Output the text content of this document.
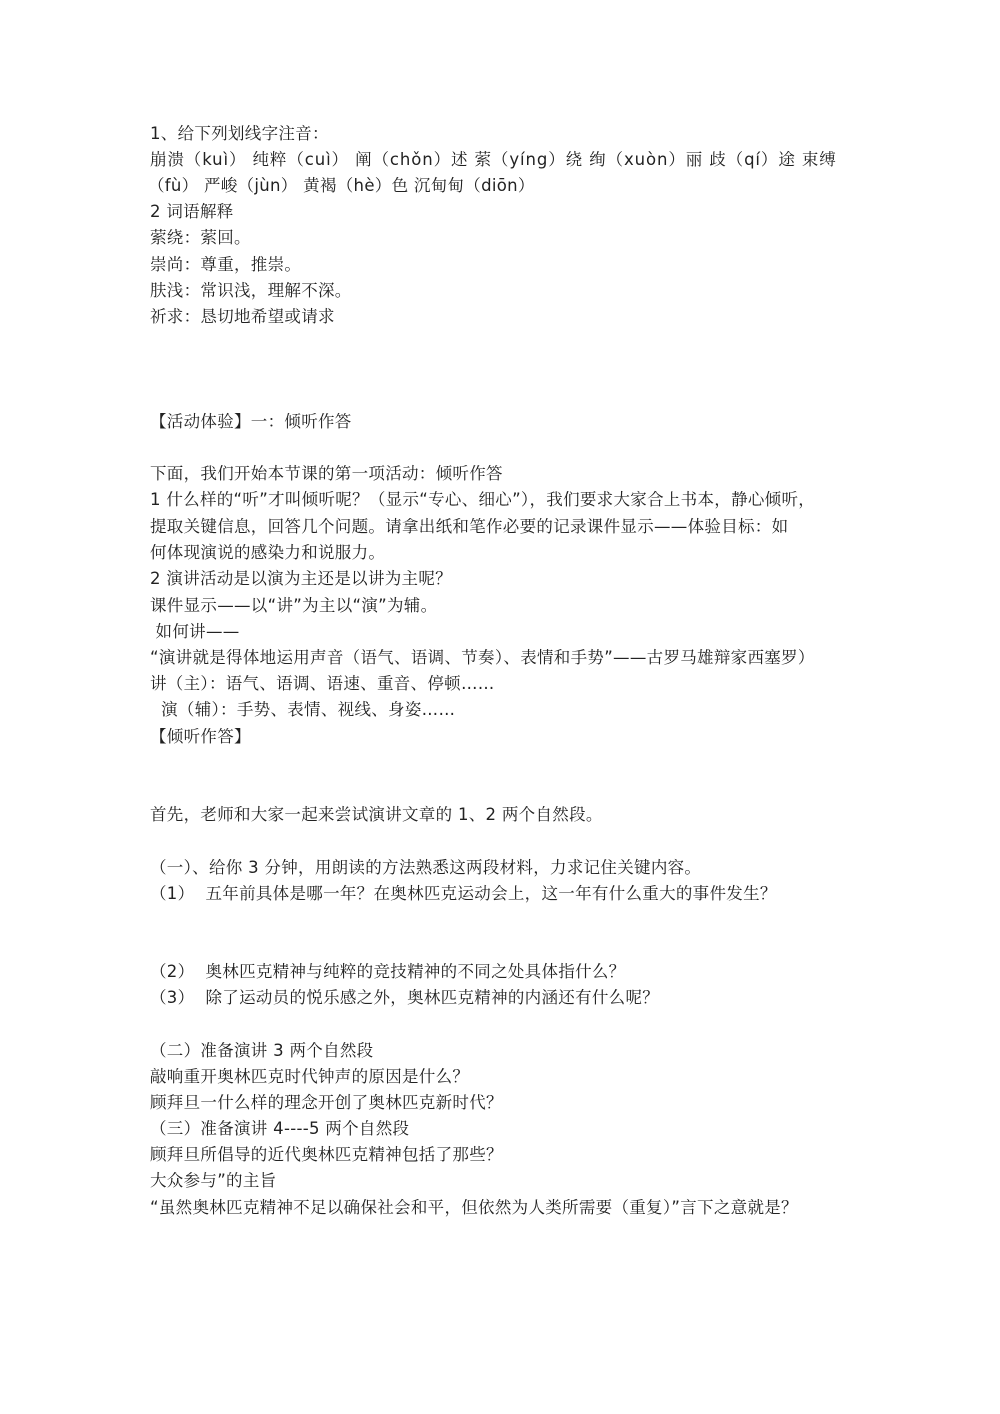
1、给下列划线字注音：
崩溃（kuì） 纯粹（cuì） 阐（chǒn）述 萦（yíng）绕 绚（xuòn）丽 歧（qí）途 束缚
（fù） 严峻（jùn） 黄褐（hè）色 沉甸甸（diōn）
2 词语解释
萦绕：萦回。
崇尚：尊重，推崇。
肤浅：常识浅，理解不深。
祈求：恳切地希望或请求
【活动体验】一：倾听作答
下面，我们开始本节课的第一项活动：倾听作答
1 什么样的“听”才叫倾听呢？（显示“专心、细心”），我们要求大家合上书本，静心倾听，
提取关键信息，回答几个问题。请拿出纸和笔作必要的记录课件显示——体验目标：如
何体现演说的感染力和说服力。
2 演讲活动是以演为主还是以讲为主呢？
课件显示——以“讲”为主以“演”为辅。
如何讲——
“演讲就是得体地运用声音（语气、语调、节奏）、表情和手势”——古罗马雄辩家西塞罗）
讲（主）：语气、语调、语速、重音、停顿……
演（辅）：手势、表情、视线、身姿……
【倾听作答】
首先，老师和大家一起来尝试演讲文章的 1、2 两个自然段。
（一）、给你 3 分钟，用朗读的方法熟悉这两段材料，力求记住关键内容。
（1）  五年前具体是哪一年？在奥林匹克运动会上，这一年有什么重大的事件发生？
（2）  奥林匹克精神与纯粹的竞技精神的不同之处具体指什么？
（3）  除了运动员的悦乐感之外，奥林匹克精神的内涵还有什么呢？
（二）准备演讲 3 两个自然段
敲响重开奥林匹克时代钟声的原因是什么？
顾拜旦一什么样的理念开创了奥林匹克新时代？
（三）准备演讲 4----5 两个自然段
顾拜旦所倡导的近代奥林匹克精神包括了那些？
大众参与”的主旨
“虽然奥林匹克精神不足以确保社会和平，但依然为人类所需要（重复）”言下之意就是？
